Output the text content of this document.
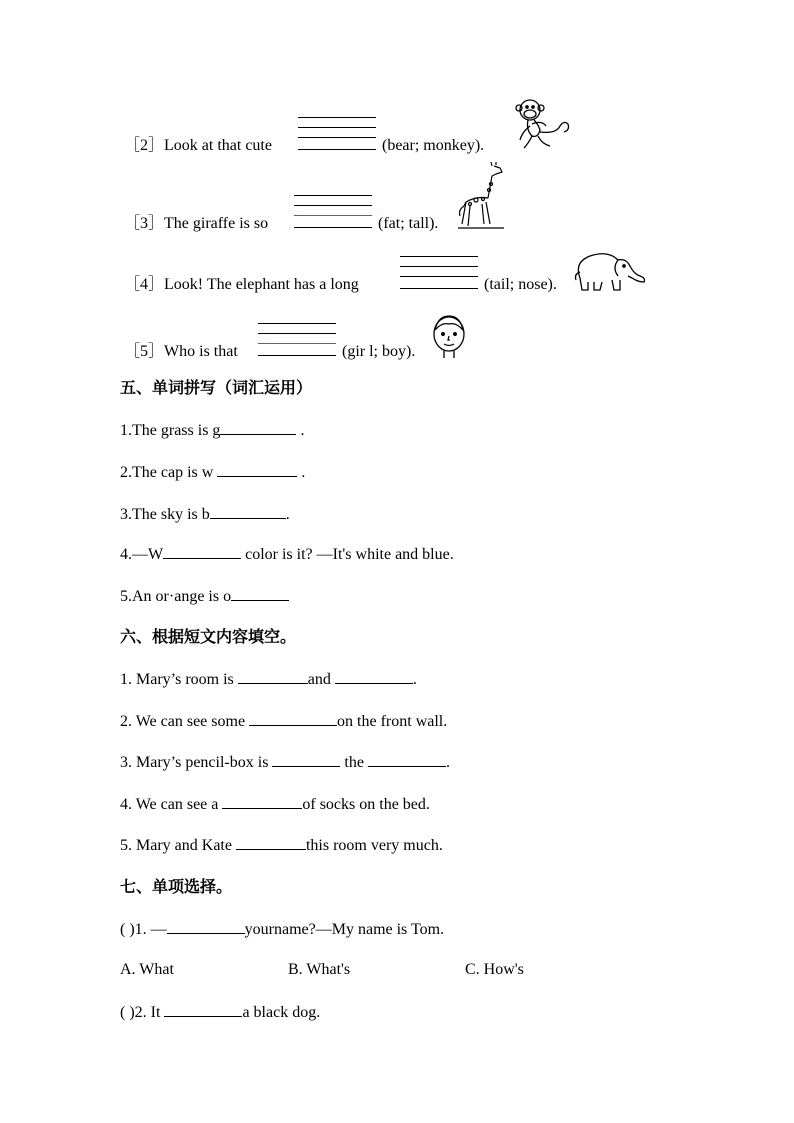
［2］Look at that cute	(bear; monkey).
［3］The giraffe is so	(fat; tall).
［4］Look! The elephant has a long	(tail; nose).
［5］Who is that	(gir l; boy).
五、单词拼写（词汇运用）
1.The grass is g	.
2.The cap is w	.
3.The sky is b	.
4.—W	color is it? —It's white and blue.
5.An or·ange is o
六、根据短文内容填空。
1. Mary’s room is	and	.
2. We can see some	on the front wall.
3. Mary’s pencil-box is	the	.
4. We can see a	of socks on the bed.
5. Mary and Kate	this room very much.
七、单项选择。
( )1. —	yourname?—My name is Tom.
A. What	B. What's	C. How's
( )2. It	a black dog.
